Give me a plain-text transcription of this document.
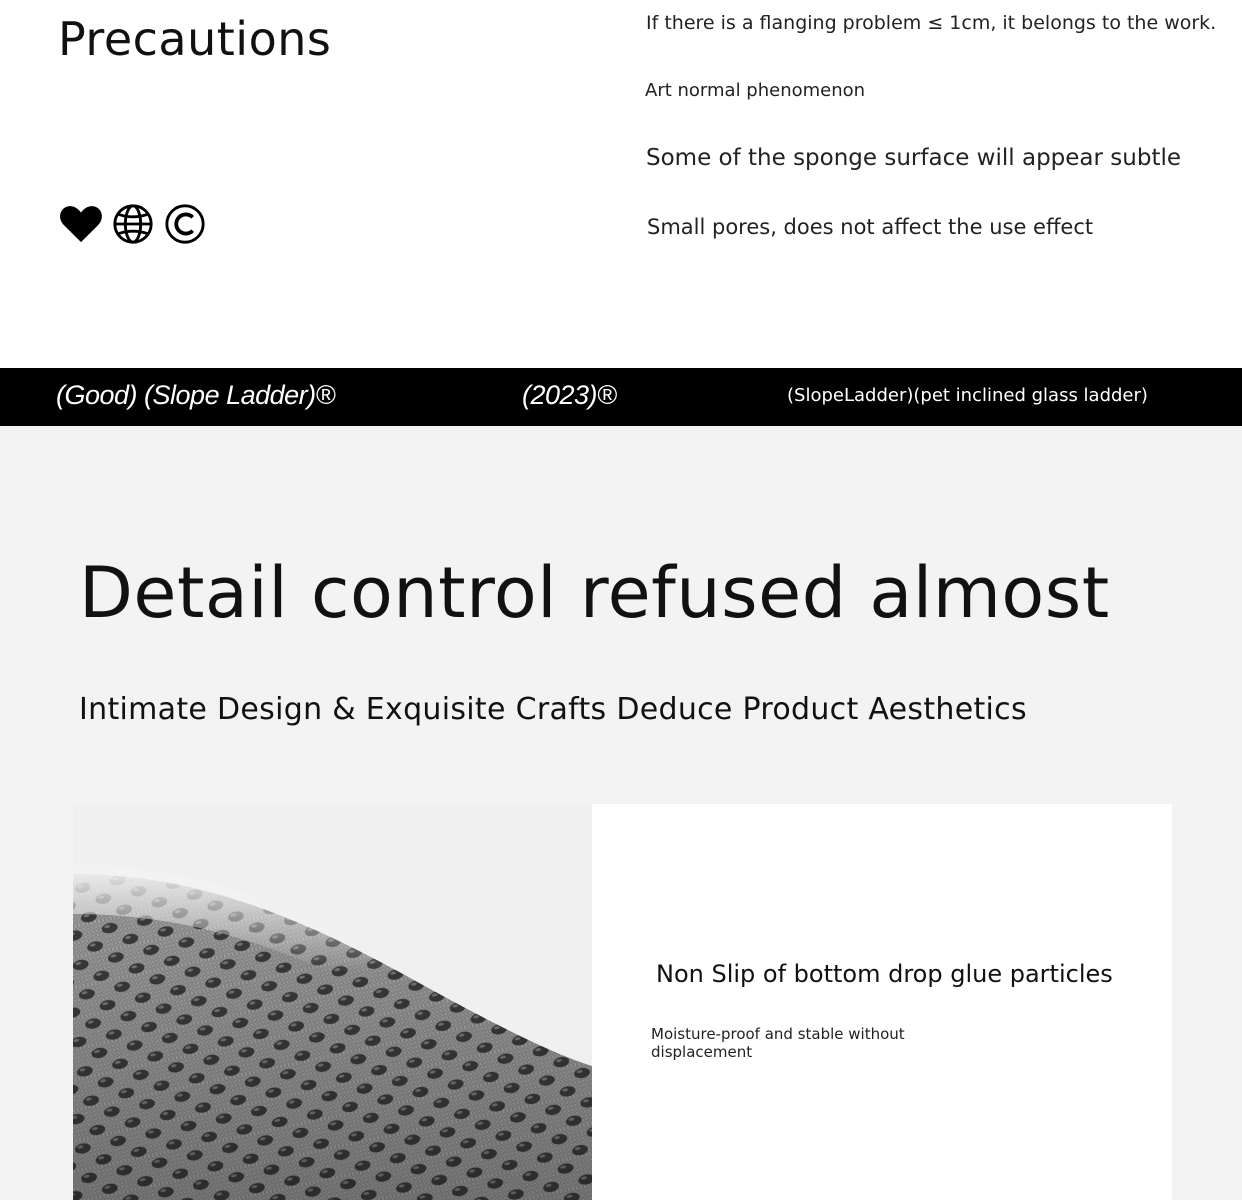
Precautions	If there is a flanging problem ≤ 1cm, it belongs to the work.
Art normal phenomenon
Some of the sponge surface will appear subtle
Small pores, does not affect the use effect
(Good) (Slope Ladder)®	(2023)®	(SlopeLadder)(pet inclined glass ladder)
Detail control refused almost
Intimate Design & Exquisite Crafts Deduce Product Aesthetics
Non Slip of bottom drop glue particles
Moisture-proof and stable without displacement
